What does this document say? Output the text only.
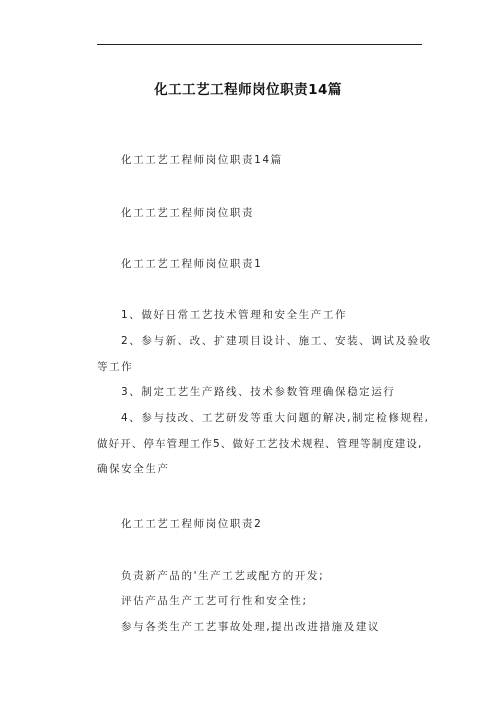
化工工艺工程师岗位职责14篇
化工工艺工程师岗位职责14篇
化工工艺工程师岗位职责
化工工艺工程师岗位职责1
1、做好日常工艺技术管理和安全生产工作
2、参与新、改、扩建项目设计、施工、安装、调试及验收
等工作
3、制定工艺生产路线、技术参数管理确保稳定运行
4、参与技改、工艺研发等重大问题的解决,制定检修规程,
做好开、停车管理工作5、做好工艺技术规程、管理等制度建设,
确保安全生产
化工工艺工程师岗位职责2
负责新产品的'生产工艺或配方的开发;
评估产品生产工艺可行性和安全性;
参与各类生产工艺事故处理,提出改进措施及建议
